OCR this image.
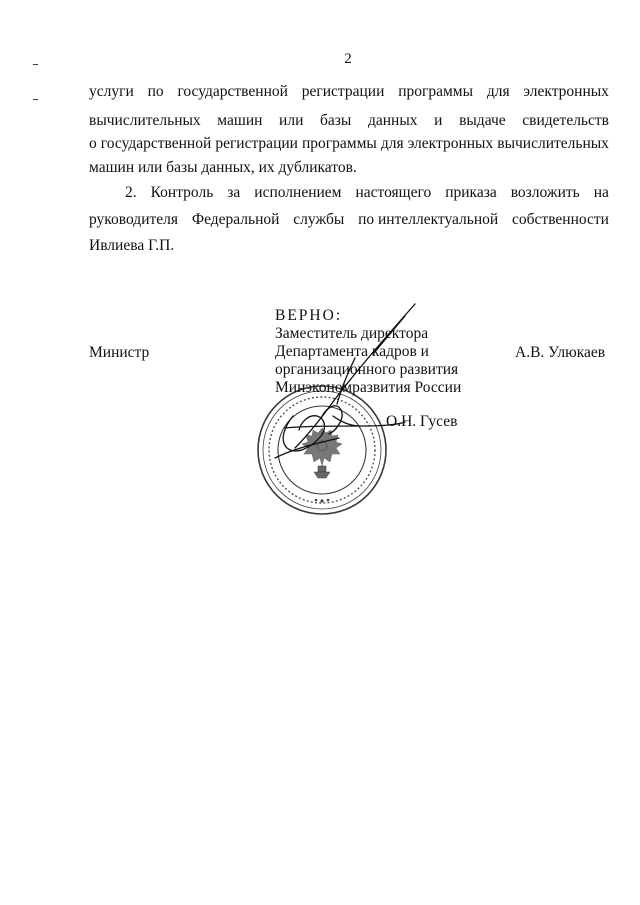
2
услуги по государственной регистрации программы для электронных
вычислительных машин или базы данных и выдаче свидетельств
о государственной регистрации программы для электронных вычислительных
машин или базы данных, их дубликатов.
2. Контроль за исполнением настоящего приказа возложить на
руководителя Федеральной службы по интеллектуальной собственности
Ивлиева Г.П.
Министр	А.В. Улюкаев
ВЕРНО:
Заместитель директора
Департамента кадров и
организационного развития
Минэкономразвития России
О.Н. Гусев
